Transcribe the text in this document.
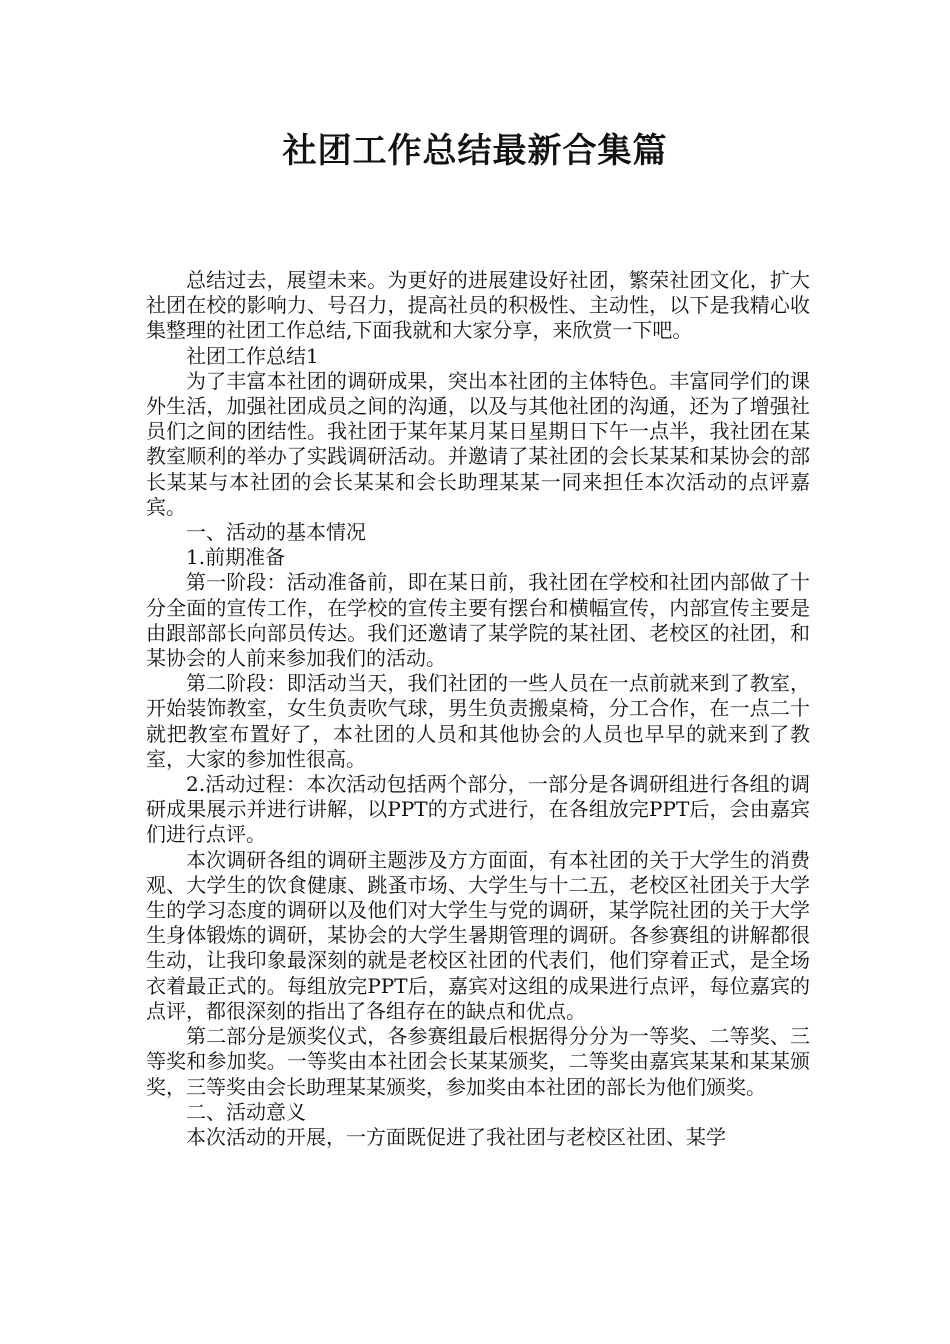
社团工作总结最新合集篇

总结过去，展望未来。为更好的进展建设好社团，繁荣社团文化，扩大社团在校的影响力、号召力，提高社员的积极性、主动性，以下是我精心收集整理的社团工作总结,下面我就和大家分享，来欣赏一下吧。

社团工作总结1

为了丰富本社团的调研成果，突出本社团的主体特色。丰富同学们的课外生活，加强社团成员之间的沟通，以及与其他社团的沟通，还为了增强社员们之间的团结性。我社团于某年某月某日星期日下午一点半，我社团在某教室顺利的举办了实践调研活动。并邀请了某社团的会长某某和某协会的部长某某与本社团的会长某某和会长助理某某一同来担任本次活动的点评嘉宾。

一、活动的基本情况

1.前期准备

第一阶段：活动准备前，即在某日前，我社团在学校和社团内部做了十分全面的宣传工作，在学校的宣传主要有摆台和横幅宣传，内部宣传主要是由跟部部长向部员传达。我们还邀请了某学院的某社团、老校区的社团，和某协会的人前来参加我们的活动。

第二阶段：即活动当天，我们社团的一些人员在一点前就来到了教室，开始装饰教室，女生负责吹气球，男生负责搬桌椅，分工合作，在一点二十就把教室布置好了，本社团的人员和其他协会的人员也早早的就来到了教室，大家的参加性很高。

2.活动过程：本次活动包括两个部分，一部分是各调研组进行各组的调研成果展示并进行讲解，以PPT的方式进行，在各组放完PPT后，会由嘉宾们进行点评。

本次调研各组的调研主题涉及方方面面，有本社团的关于大学生的消费观、大学生的饮食健康、跳蚤市场、大学生与十二五，老校区社团关于大学生的学习态度的调研以及他们对大学生与党的调研，某学院社团的关于大学生身体锻炼的调研，某协会的大学生暑期管理的调研。各参赛组的讲解都很生动，让我印象最深刻的就是老校区社团的代表们，他们穿着正式，是全场衣着最正式的。每组放完PPT后，嘉宾对这组的成果进行点评，每位嘉宾的点评，都很深刻的指出了各组存在的缺点和优点。

第二部分是颁奖仪式，各参赛组最后根据得分分为一等奖、二等奖、三等奖和参加奖。一等奖由本社团会长某某颁奖，二等奖由嘉宾某某和某某颁奖，三等奖由会长助理某某颁奖，参加奖由本社团的部长为他们颁奖。

二、活动意义

本次活动的开展，一方面既促进了我社团与老校区社团、某学
